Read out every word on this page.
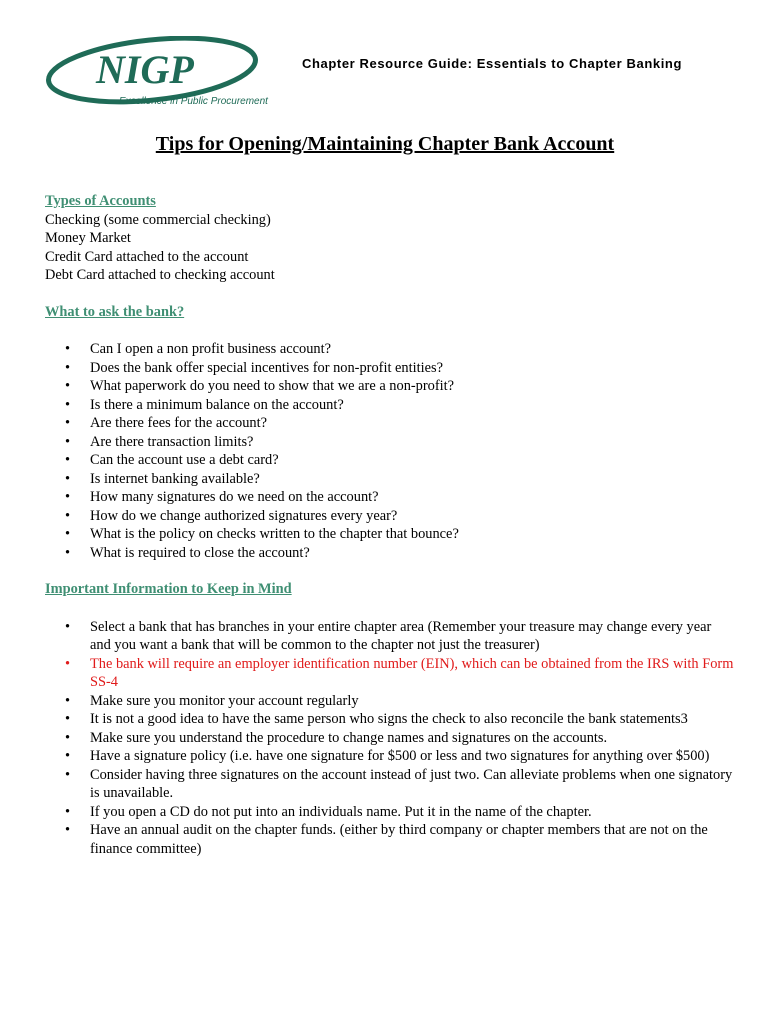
NIGP
Excellence in Public Procurement
Chapter Resource Guide: Essentials to Chapter Banking
Tips for Opening/Maintaining Chapter Bank Account
Types of Accounts
Checking (some commercial checking)
Money Market
Credit Card attached to the account
Debt Card attached to checking account
What to ask the bank?
• Can I open a non profit business account?
• Does the bank offer special incentives for non-profit entities?
• What paperwork do you need to show that we are a non-profit?
• Is there a minimum balance on the account?
• Are there fees for the account?
• Are there transaction limits?
• Can the account use a debt card?
• Is internet banking available?
• How many signatures do we need on the account?
• How do we change authorized signatures every year?
• What is the policy on checks written to the chapter that bounce?
• What is required to close the account?
Important Information to Keep in Mind
• Select a bank that has branches in your entire chapter area (Remember your treasure may change every year and you want a bank that will be common to the chapter not just the treasurer)
• The bank will require an employer identification number (EIN), which can be obtained from the IRS with Form SS-4
• Make sure you monitor your account regularly
• It is not a good idea to have the same person who signs the check to also reconcile the bank statements3
• Make sure you understand the procedure to change names and signatures on the accounts.
• Have a signature policy (i.e. have one signature for $500 or less and two signatures for anything over $500)
• Consider having three signatures on the account instead of just two. Can alleviate problems when one signatory is unavailable.
• If you open a CD do not put into an individuals name. Put it in the name of the chapter.
• Have an annual audit on the chapter funds. (either by third company or chapter members that are not on the finance committee)
